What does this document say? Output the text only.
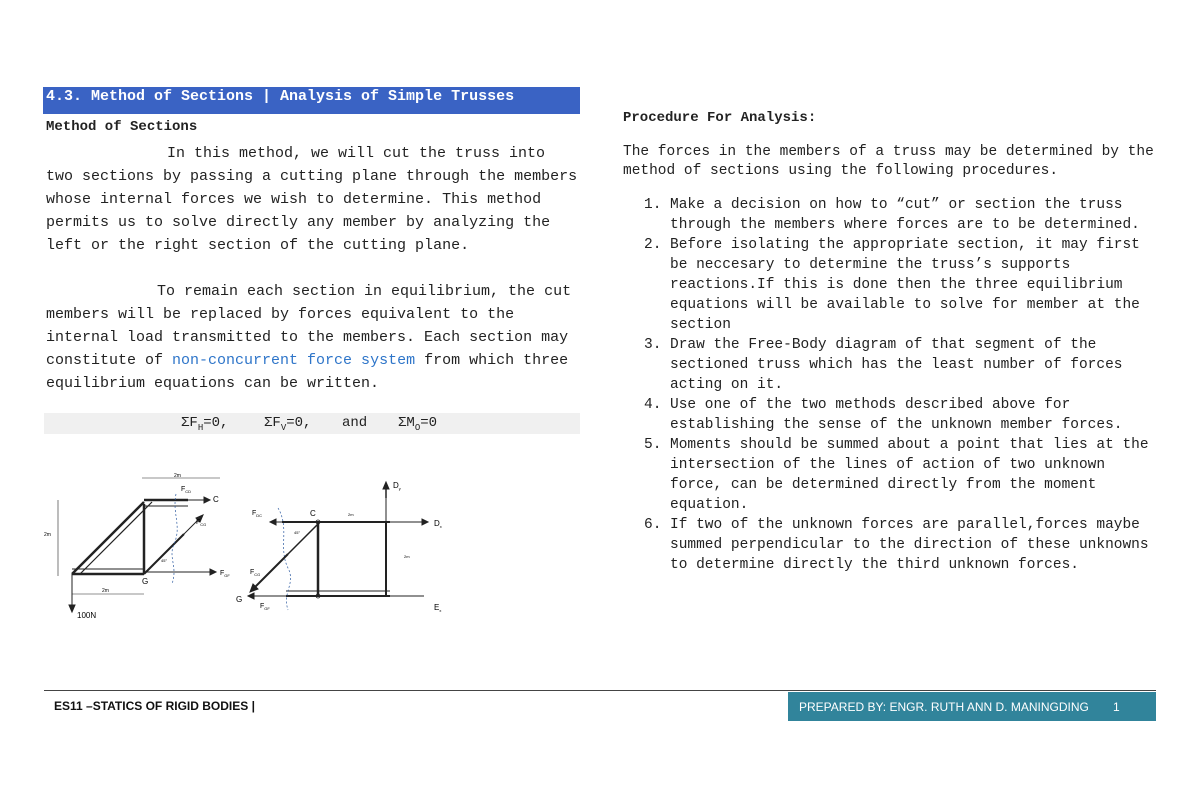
4.3. Method of Sections | Analysis of Simple Trusses
Method of Sections

In this method, we will cut the truss into two sections by passing a cutting plane through the members whose internal forces we wish to determine. This method permits us to solve directly any member by analyzing the left or the right section of the cutting plane.

To remain each section in equilibrium, the cut members will be replaced by forces equivalent to the internal load transmitted to the members. Each section may constitute of non-concurrent force system from which three equilibrium equations can be written.

$\Sigma F_H=0$,	$\Sigma F_V=0$, and $\Sigma M_O=0$
2m
2m
2m
C
G
$F_{CD}$
$F_{CG}$
$F_{GF}$
45°
100N
$D_y$
$D_x$
$E_x$
$F_{DC}$
$F_{CG}$
$F_{GF}$
C
G
2m
2m
45°
Procedure For Analysis:

The forces in the members of a truss may be determined by the method of sections using the following procedures.

1. Make a decision on how to “cut” or section the truss through the members where forces are to be determined.
2. Before isolating the appropriate section, it may first be neccesary to determine the truss’s supports reactions.If this is done then the three equilibrium equations will be available to solve for member at the section
3. Draw the Free-Body diagram of that segment of the sectioned truss which has the least number of forces acting on it.
4. Use one of the two methods described above for establishing the sense of the unknown member forces.
5. Moments should be summed about a point that lies at the intersection of the lines of action of two unknown force, can be determined directly from the moment equation.
6. If two of the unknown forces are parallel,forces maybe summed perpendicular to the direction of these unknowns to determine directly the third unknown forces.
ES11 –STATICS OF RIGID BODIES |	PREPARED BY: ENGR. RUTH ANN D. MANINGDING 1
